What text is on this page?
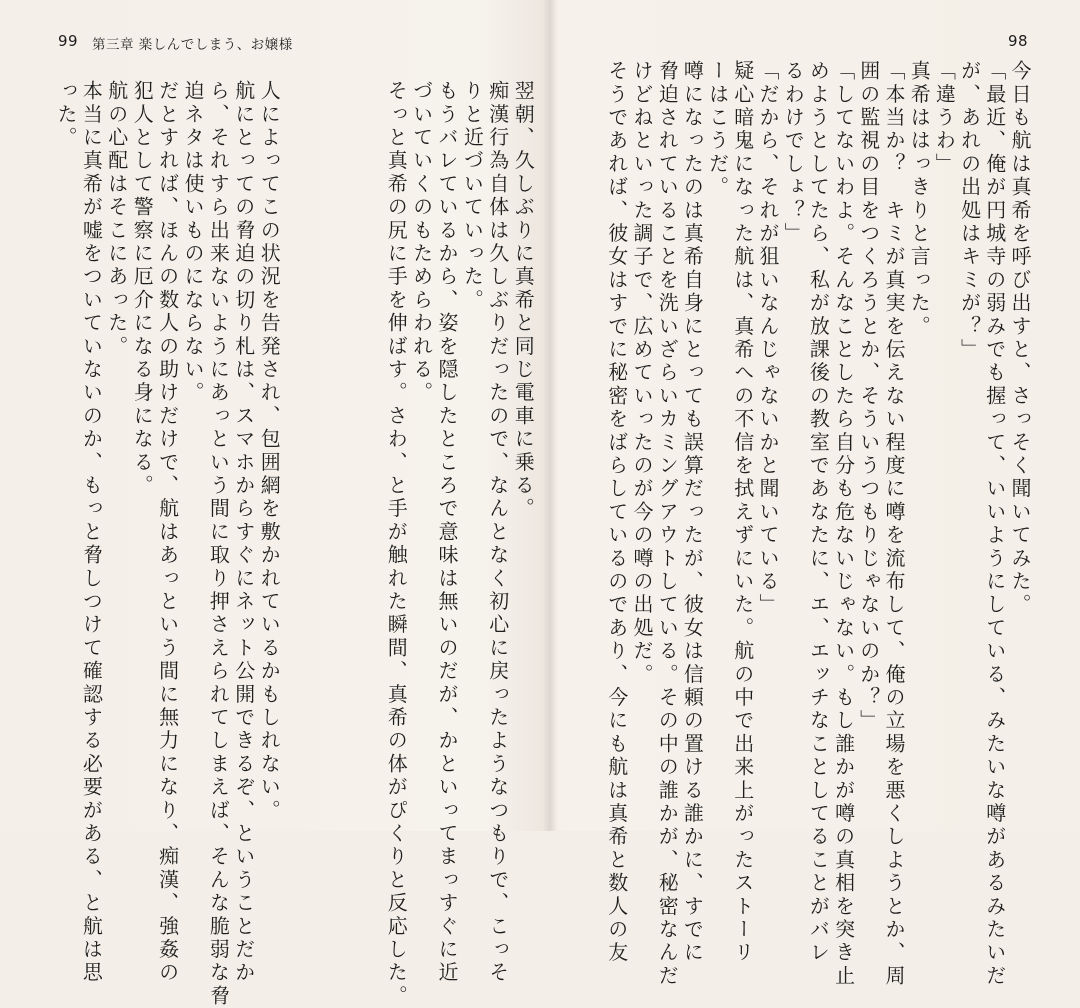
99 第三章 楽しんでしまう、お嬢様
った。 本当に真希が嘘をついていないのか、もっと脅しつけて確認する必要がある、と航は思 航の心配はそこにあった。 犯人として警察に厄介になる身になる。 だとすれば、ほんの数人の助けだけで、航はあっという間に無力になり、痴漢、強姦の 迫ネタは使いものにならない。 ら、それすら出来ないようにあっという間に取り押さえられてしまえば、そんな脆弱な脅 航にとっての脅迫の切り札は、スマホからすぐにネット公開できるぞ、ということだか 人によってこの状況を告発され、包囲網を敷かれているかもしれない。	そっと真希の尻に手を伸ばす。さわ、と手が触れた瞬間、真希の体がぴくりと反応した。 づいていくのもためらわれる。 もうバレているから、姿を隠したところで意味は無いのだが、かといってまっすぐに近 りと近づいていった。 痴漢行為自体は久しぶりだったので、なんとなく初心に戻ったようなつもりで、こっそ 翌朝、久しぶりに真希と同じ電車に乗る。
98
今日も航は真希を呼び出すと、さっそく聞いてみた。
「最近、俺が円城寺の弱みでも握って、いいようにしている、みたいな噂があるみたいだ
が、あれの出処はキミが？」
「違うわ」
真希ははっきりと言った。
「本当か？　キミが真実を伝えない程度に噂を流布して、俺の立場を悪くしようとか、周
囲の監視の目をつくろうとか、そういうつもりじゃないのか？」
「してないわよ。そんなことしたら自分も危ないじゃない。もし誰かが噂の真相を突き止
めようとしてたら、私が放課後の教室であなたに、エ、エッチなことしてることがバレ
るわけでしょ？」
「だから、それが狙いなんじゃないかと聞いている」
疑心暗鬼になった航は、真希への不信を拭えずにいた。航の中で出来上がったストーリ
ーはこうだ。
噂になったのは真希自身にとっても誤算だったが、彼女は信頼の置ける誰かに、すでに
脅迫されていることを洗いざらいカミングアウトしている。その中の誰かが、秘密なんだ
けどねといった調子で、広めていったのが今の噂の出処だ。
そうであれば、彼女はすでに秘密をばらしているのであり、今にも航は真希と数人の友
